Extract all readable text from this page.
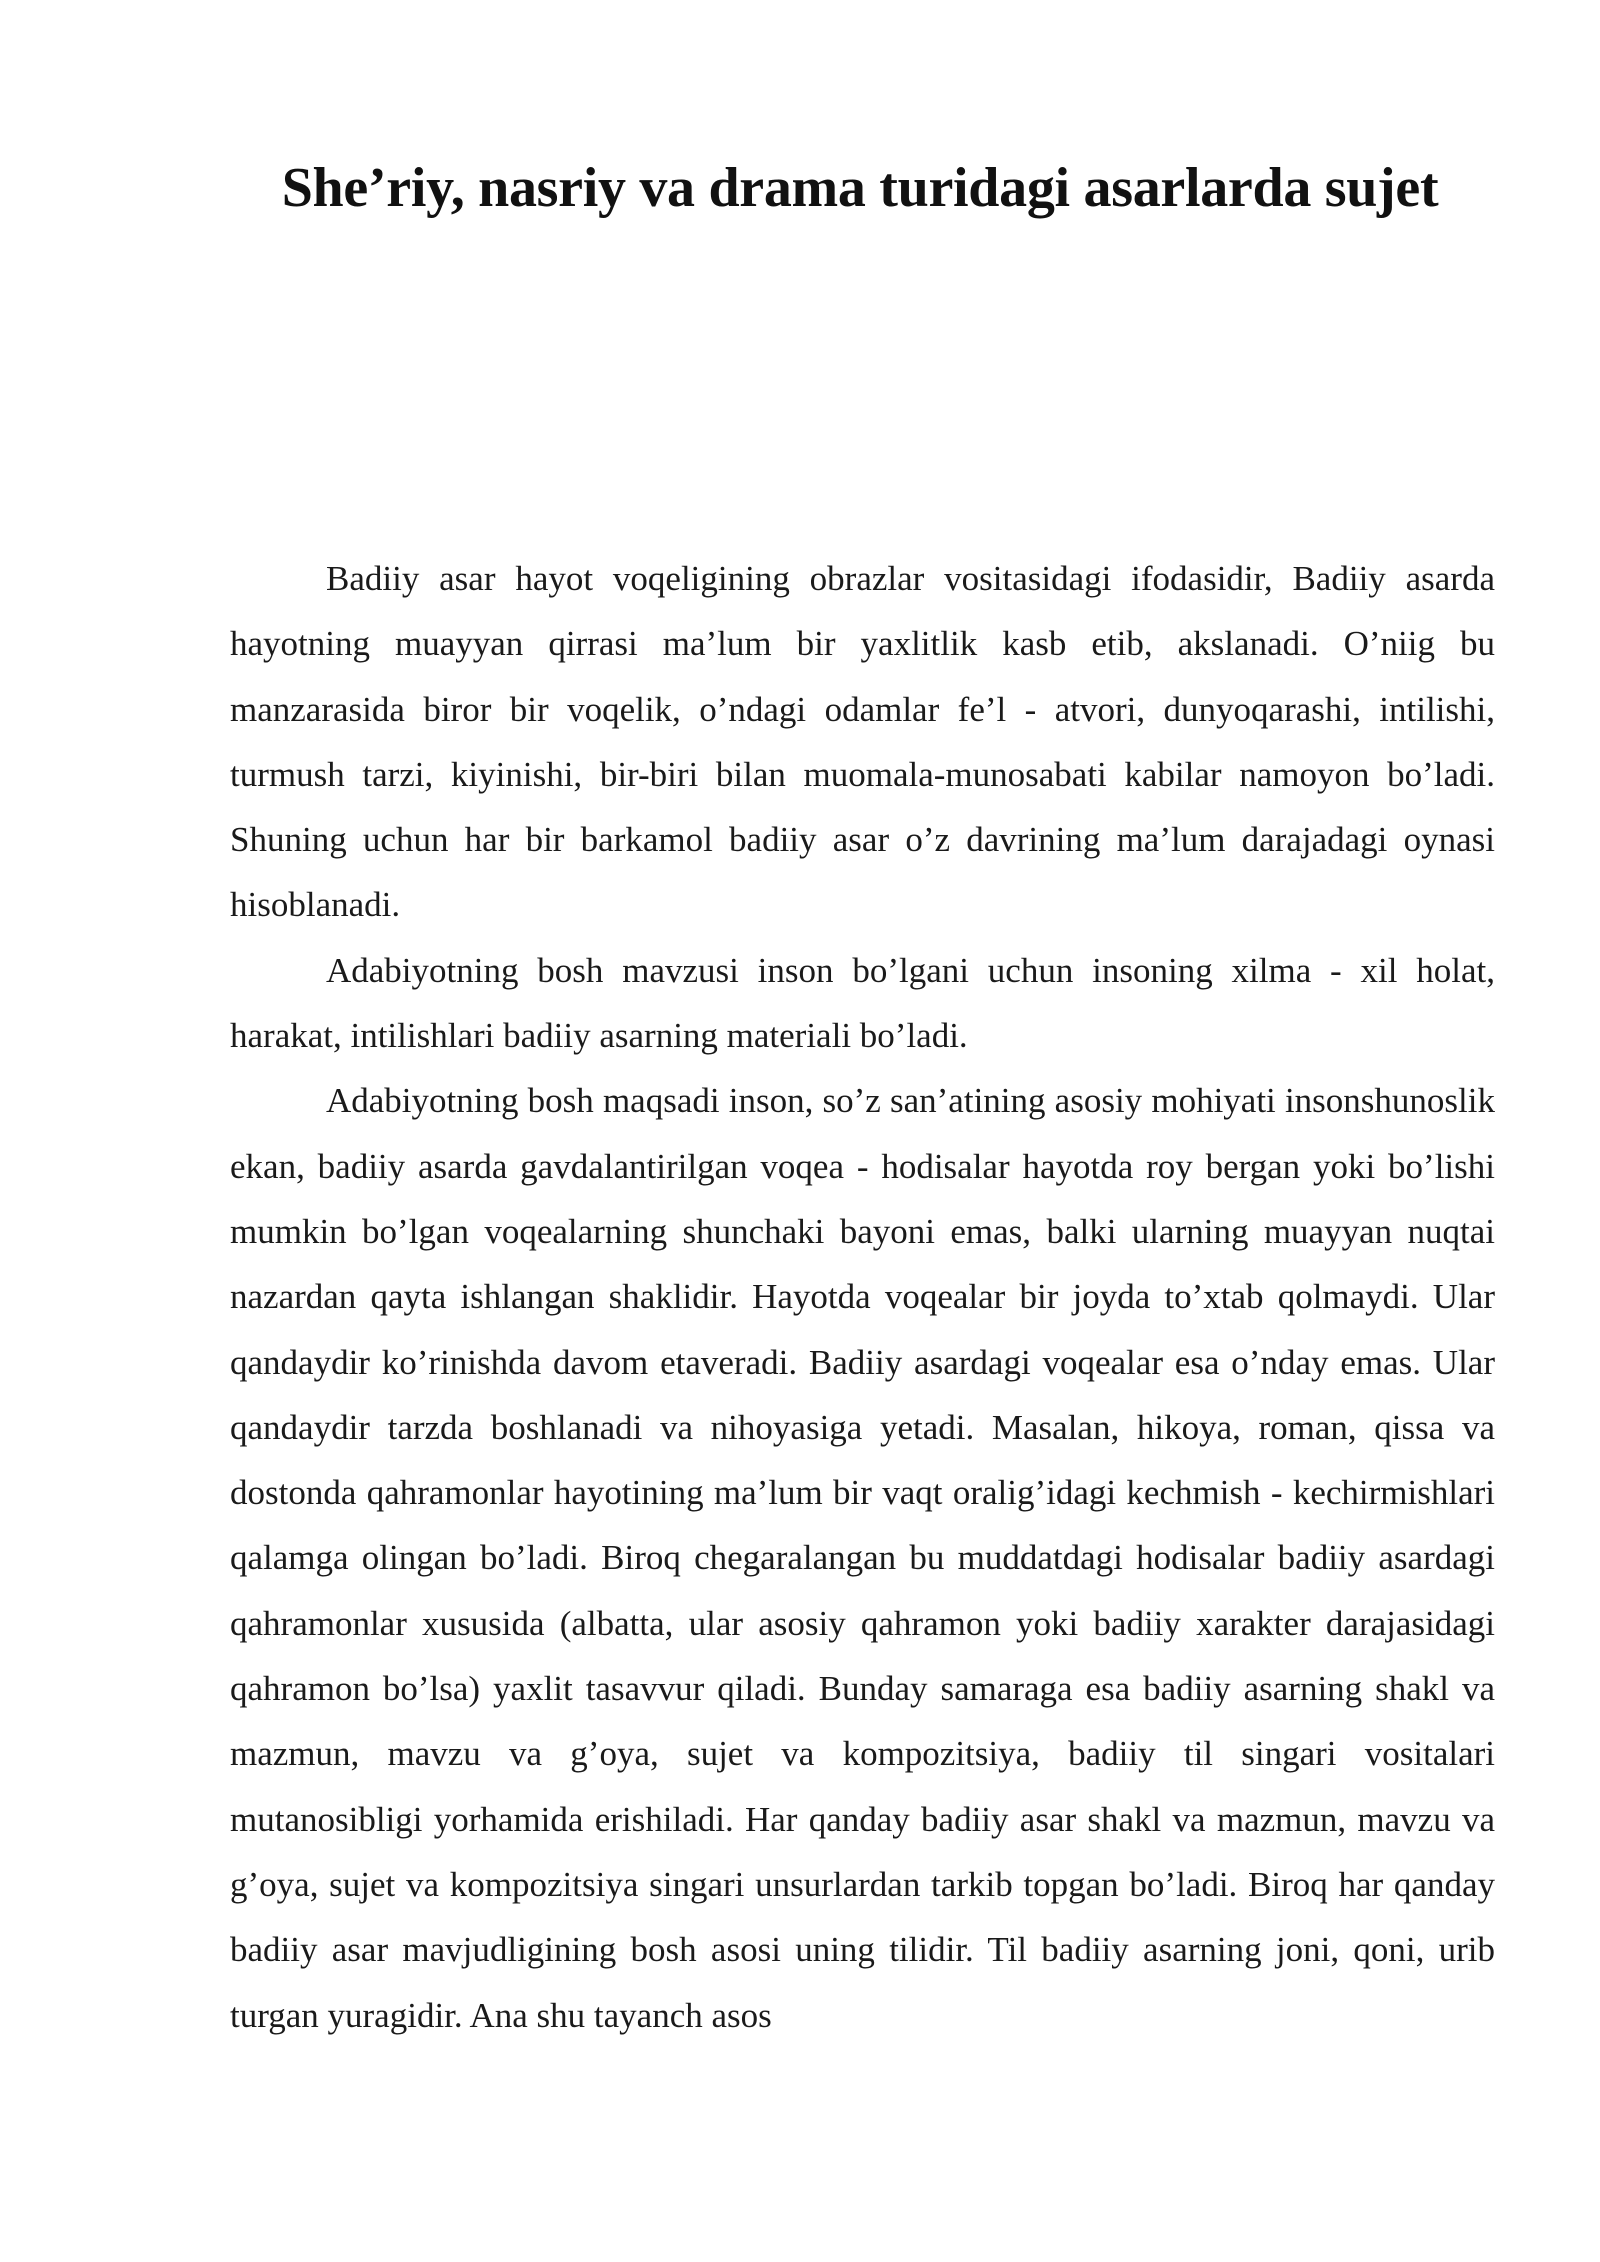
She’riy, nasriy va drama turidagi asarlarda sujet

Badiiy asar hayot voqeligining obrazlar vositasidagi ifodasidir, Badiiy asarda hayotning muayyan qirrasi ma’lum bir yaxlitlik kasb etib, akslanadi. O’niig bu manzarasida biror bir voqelik, o’ndagi odamlar fe’l - atvori, dunyoqarashi, intilishi, turmush tarzi, kiyinishi, bir-biri bilan muomala-munosabati kabilar namoyon bo’ladi. Shuning uchun har bir barkamol badiiy asar o’z davrining ma’lum darajadagi oynasi hisoblanadi.

Adabiyotning bosh mavzusi inson bo’lgani uchun insoning xilma - xil holat, harakat, intilishlari badiiy asarning materiali bo’ladi.

Adabiyotning bosh maqsadi inson, so’z san’atining asosiy mohiyati insonshunoslik ekan, badiiy asarda gavdalantirilgan voqea - hodisalar hayotda roy bergan yoki bo’lishi mumkin bo’lgan voqealarning shunchaki bayoni emas, balki ularning muayyan nuqtai nazardan qayta ishlangan shaklidir. Hayotda voqealar bir joyda to’xtab qolmaydi. Ular qandaydir ko’rinishda davom etaveradi. Badiiy asardagi voqealar esa o’nday emas. Ular qandaydir tarzda boshlanadi va nihoyasiga yetadi. Masalan, hikoya, roman, qissa va dostonda qahramonlar hayotining ma’lum bir vaqt oralig’idagi kechmish - kechirmishlari qalamga olingan bo’ladi. Biroq chegaralangan bu muddatdagi hodisalar badiiy asardagi qahramonlar xususida (albatta, ular asosiy qahramon yoki badiiy xarakter darajasidagi qahramon bo’lsa) yaxlit tasavvur qiladi. Bunday samaraga esa badiiy asarning shakl va mazmun, mavzu va g’oya, sujet va kompozitsiya, badiiy til singari vositalari mutanosibligi yorhamida erishiladi. Har qanday badiiy asar shakl va mazmun, mavzu va g’oya, sujet va kompozitsiya singari unsurlardan tarkib topgan bo’ladi. Biroq har qanday badiiy asar mavjudligining bosh asosi uning tilidir. Til badiiy asarning joni, qoni, urib turgan yuragidir. Ana shu tayanch asos
